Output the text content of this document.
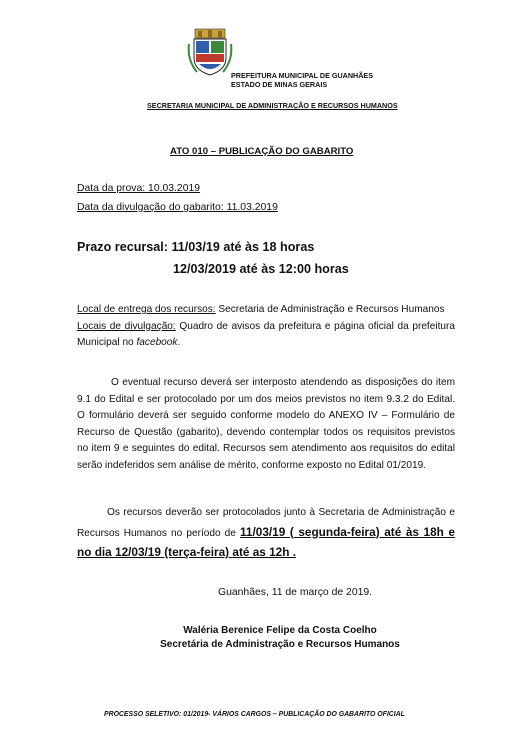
PREFEITURA MUNICIPAL DE GUANHÃES
ESTADO DE MINAS GERAIS
SECRETARIA MUNICIPAL DE ADMINISTRAÇÃO E RECURSOS HUMANOS
ATO 010 – PUBLICAÇÃO DO GABARITO
Data da prova: 10.03.2019
Data da divulgação do gabarito: 11.03.2019
Prazo recursal: 11/03/19 até às 18 horas
12/03/2019 até às 12:00 horas
Local de entrega dos recursos: Secretaria de Administração e Recursos Humanos
Locais de divulgação: Quadro de avisos da prefeitura e página oficial da prefeitura Municipal no facebook.
O eventual recurso deverá ser interposto atendendo as disposições do item 9.1 do Edital e ser protocolado por um dos meios previstos no item 9.3.2 do Edital. O formulário deverá ser seguido conforme modelo do ANEXO IV – Formulário de Recurso de Questão (gabarito), devendo contemplar todos os requisitos previstos no item 9 e seguintes do edital. Recursos sem atendimento aos requisitos do edital serão indeferidos sem análise de mérito, conforme exposto no Edital 01/2019.
Os recursos deverão ser protocolados junto à Secretaria de Administração e Recursos Humanos no período de 11/03/19 ( segunda-feira) até às 18h e no dia 12/03/19 (terça-feira) até as 12h .
Guanhães, 11 de março de 2019.
Waléria Berenice Felipe da Costa Coelho
Secretária de Administração e Recursos Humanos
PROCESSO SELETIVO: 01/2019- VÁRIOS CARGOS – PUBLICAÇÃO DO GABARITO OFICIAL
